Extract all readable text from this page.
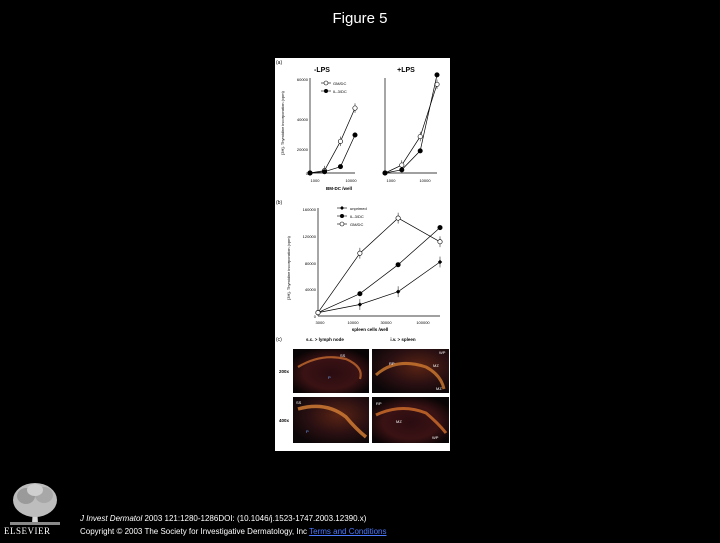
Figure 5
(a)
-LPS	+LPS
[3H]- Thymidine incorporation (cpm)
BM-DC /well
60000
40000
20000
0
1000	10000	1000	10000
GM/DC
IL-3/DC
(b)
[3H]- Thymidine incorporation (cpm)
spleen cells /well
160000
120000
80000
40000
0
3000	10000	30000	100000
unprimed
IL-3/DC
GM/DC
(c)	s.c. > lymph node	i.v. > spleen
200x
400x
SS
P
WP
RP	MZ
MZ
SS
P
RP
MZ
WP
ELSEVIER
J Invest Dermatol 2003 121:1280-1286DOI: (10.1046/j.1523-1747.2003.12390.x)
Copyright © 2003 The Society for Investigative Dermatology, Inc Terms and Conditions
